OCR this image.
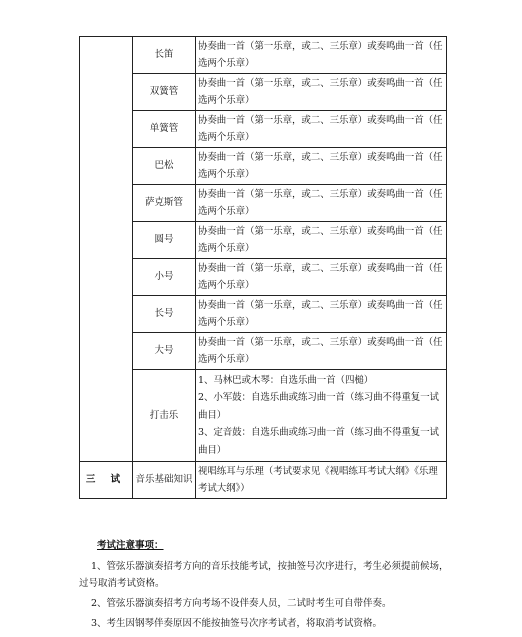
	长笛	协奏曲一首（第一乐章，或二、三乐章）或奏鸣曲一首（任选两个乐章）
	双簧管	协奏曲一首（第一乐章，或二、三乐章）或奏鸣曲一首（任选两个乐章）
	单簧管	协奏曲一首（第一乐章，或二、三乐章）或奏鸣曲一首（任选两个乐章）
	巴松	协奏曲一首（第一乐章，或二、三乐章）或奏鸣曲一首（任选两个乐章）
	萨克斯管	协奏曲一首（第一乐章，或二、三乐章）或奏鸣曲一首（任选两个乐章）
	圆号	协奏曲一首（第一乐章，或二、三乐章）或奏鸣曲一首（任选两个乐章）
	小号	协奏曲一首（第一乐章，或二、三乐章）或奏鸣曲一首（任选两个乐章）
	长号	协奏曲一首（第一乐章，或二、三乐章）或奏鸣曲一首（任选两个乐章）
	大号	协奏曲一首（第一乐章，或二、三乐章）或奏鸣曲一首（任选两个乐章）
	打击乐	1、马林巴或木琴：自选乐曲一首（四槌）
2、小军鼓：自选乐曲或练习曲一首（练习曲不得重复一试曲目）
3、定音鼓：自选乐曲或练习曲一首（练习曲不得重复一试曲目）

三 试	音乐基础知识	视唱练耳与乐理（考试要求见《视唱练耳考试大纲》《乐理考试大纲》）
考试注意事项：

1、管弦乐器演奏招考方向的音乐技能考试，按抽签号次序进行，考生必须提前候场，过号取消考试资格。

2、管弦乐器演奏招考方向考场不设伴奏人员，二试时考生可自带伴奏。

3、考生因钢琴伴奏原因不能按抽签号次序考试者，将取消考试资格。
